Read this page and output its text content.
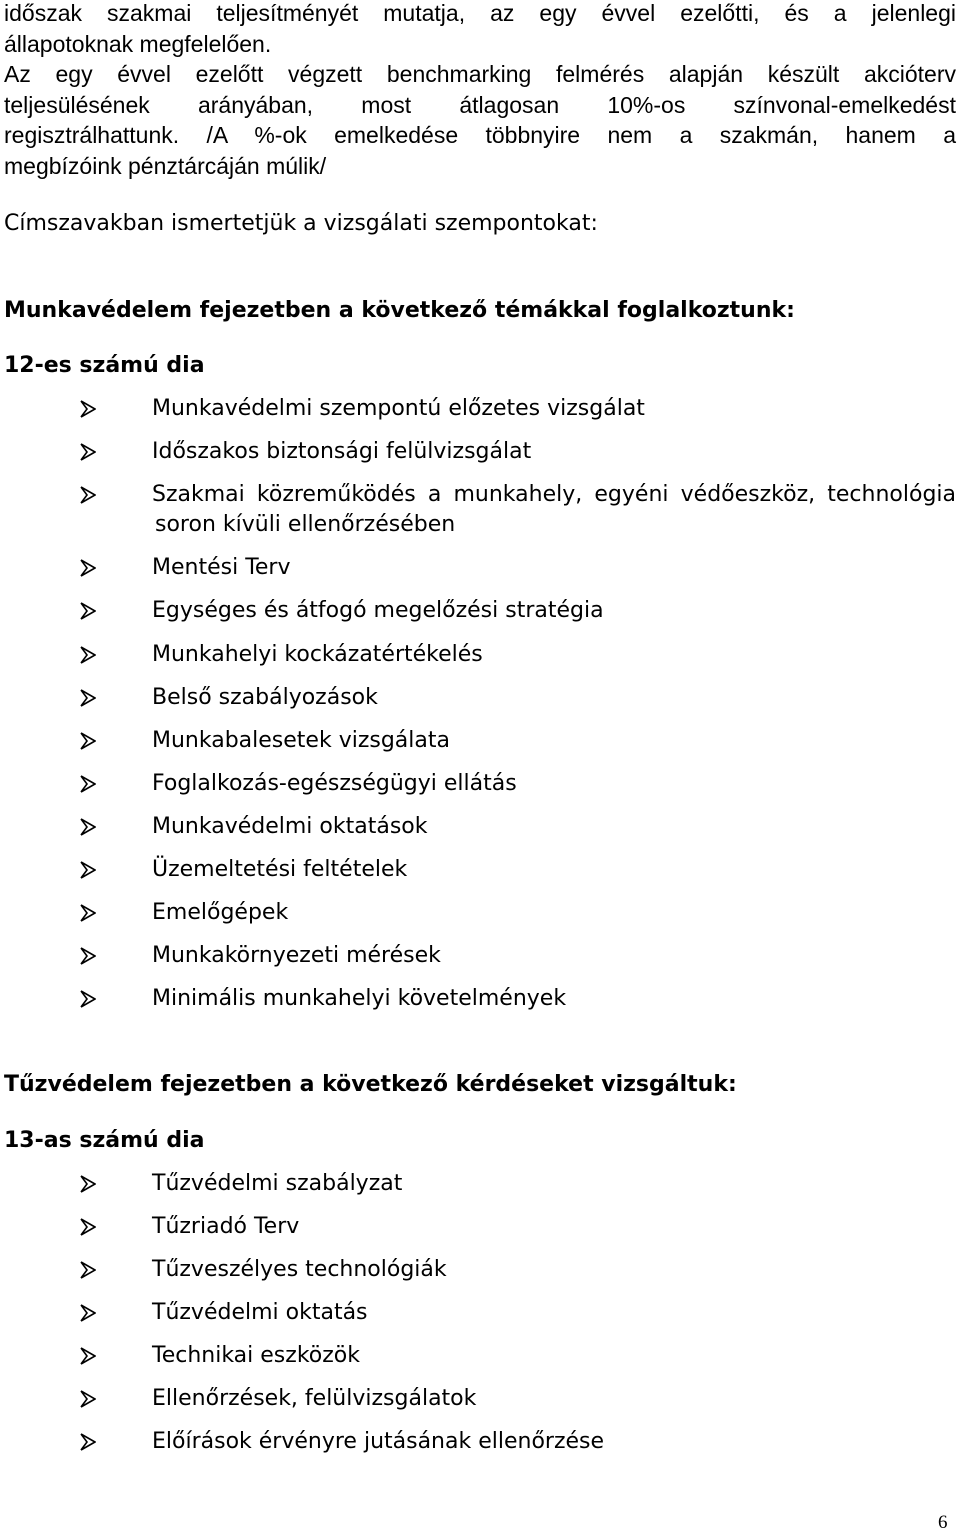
időszak szakmai teljesítményét mutatja, az egy évvel ezelőtti, és a jelenlegi
állapotoknak megfelelően.

Az egy évvel ezelőtt végzett benchmarking felmérés alapján készült akcióterv
teljesülésének arányában, most átlagosan 10%-os színvonal-emelkedést
regisztrálhattunk. /A %-ok emelkedése többnyire nem a szakmán, hanem a
megbízóink pénztárcáján múlik/

Címszavakban ismertetjük a vizsgálati szempontokat:

Munkavédelem fejezetben a következő témákkal foglalkoztunk:
12-es számú dia
Munkavédelmi szempontú előzetes vizsgálat
Időszakos biztonsági felülvizsgálat
Szakmai közreműködés a munkahely, egyéni védőeszköz, technológia
soron kívüli ellenőrzésében
Mentési Terv
Egységes és átfogó megelőzési stratégia
Munkahelyi kockázatértékelés
Belső szabályozások
Munkabalesetek vizsgálata
Foglalkozás-egészségügyi ellátás
Munkavédelmi oktatások
Üzemeltetési feltételek
Emelőgépek
Munkakörnyezeti mérések
Minimális munkahelyi követelmények
Tűzvédelem fejezetben a következő kérdéseket vizsgáltuk:
13-as számú dia
Tűzvédelmi szabályzat
Tűzriadó Terv
Tűzveszélyes technológiák
Tűzvédelmi oktatás
Technikai eszközök
Ellenőrzések, felülvizsgálatok
Előírások érvényre jutásának ellenőrzése
6
